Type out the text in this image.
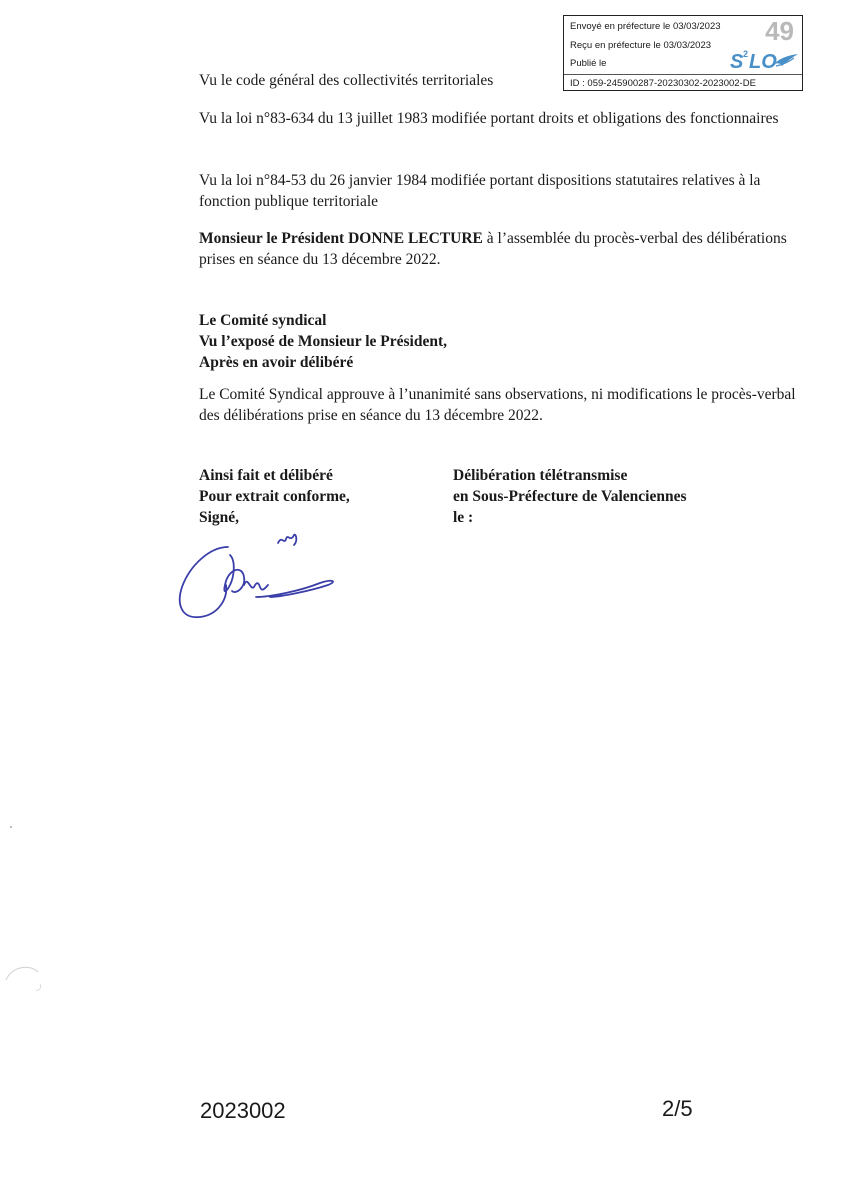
Envoyé en préfecture le 03/03/2023
Reçu en préfecture le 03/03/2023
Publié le
ID : 059-245900287-20230302-2023002-DE
49
S 2 LO
Vu le code général des collectivités territoriales
Vu la loi n°83-634 du 13 juillet 1983 modifiée portant droits et obligations des fonctionnaires
Vu la loi n°84-53 du 26 janvier 1984 modifiée portant dispositions statutaires relatives à la fonction publique territoriale
Monsieur le Président DONNE LECTURE à l’assemblée du procès-verbal des délibérations prises en séance du 13 décembre 2022.
Le Comité syndical
Vu l’exposé de Monsieur le Président,
Après en avoir délibéré
Le Comité Syndical approuve à l’unanimité sans observations, ni modifications le procès-verbal des délibérations prise en séance du 13 décembre 2022.
Ainsi fait et délibéré
Pour extrait conforme,
Signé,
Délibération télétransmise
en Sous-Préfecture de Valenciennes
le :
2023002	2/5
